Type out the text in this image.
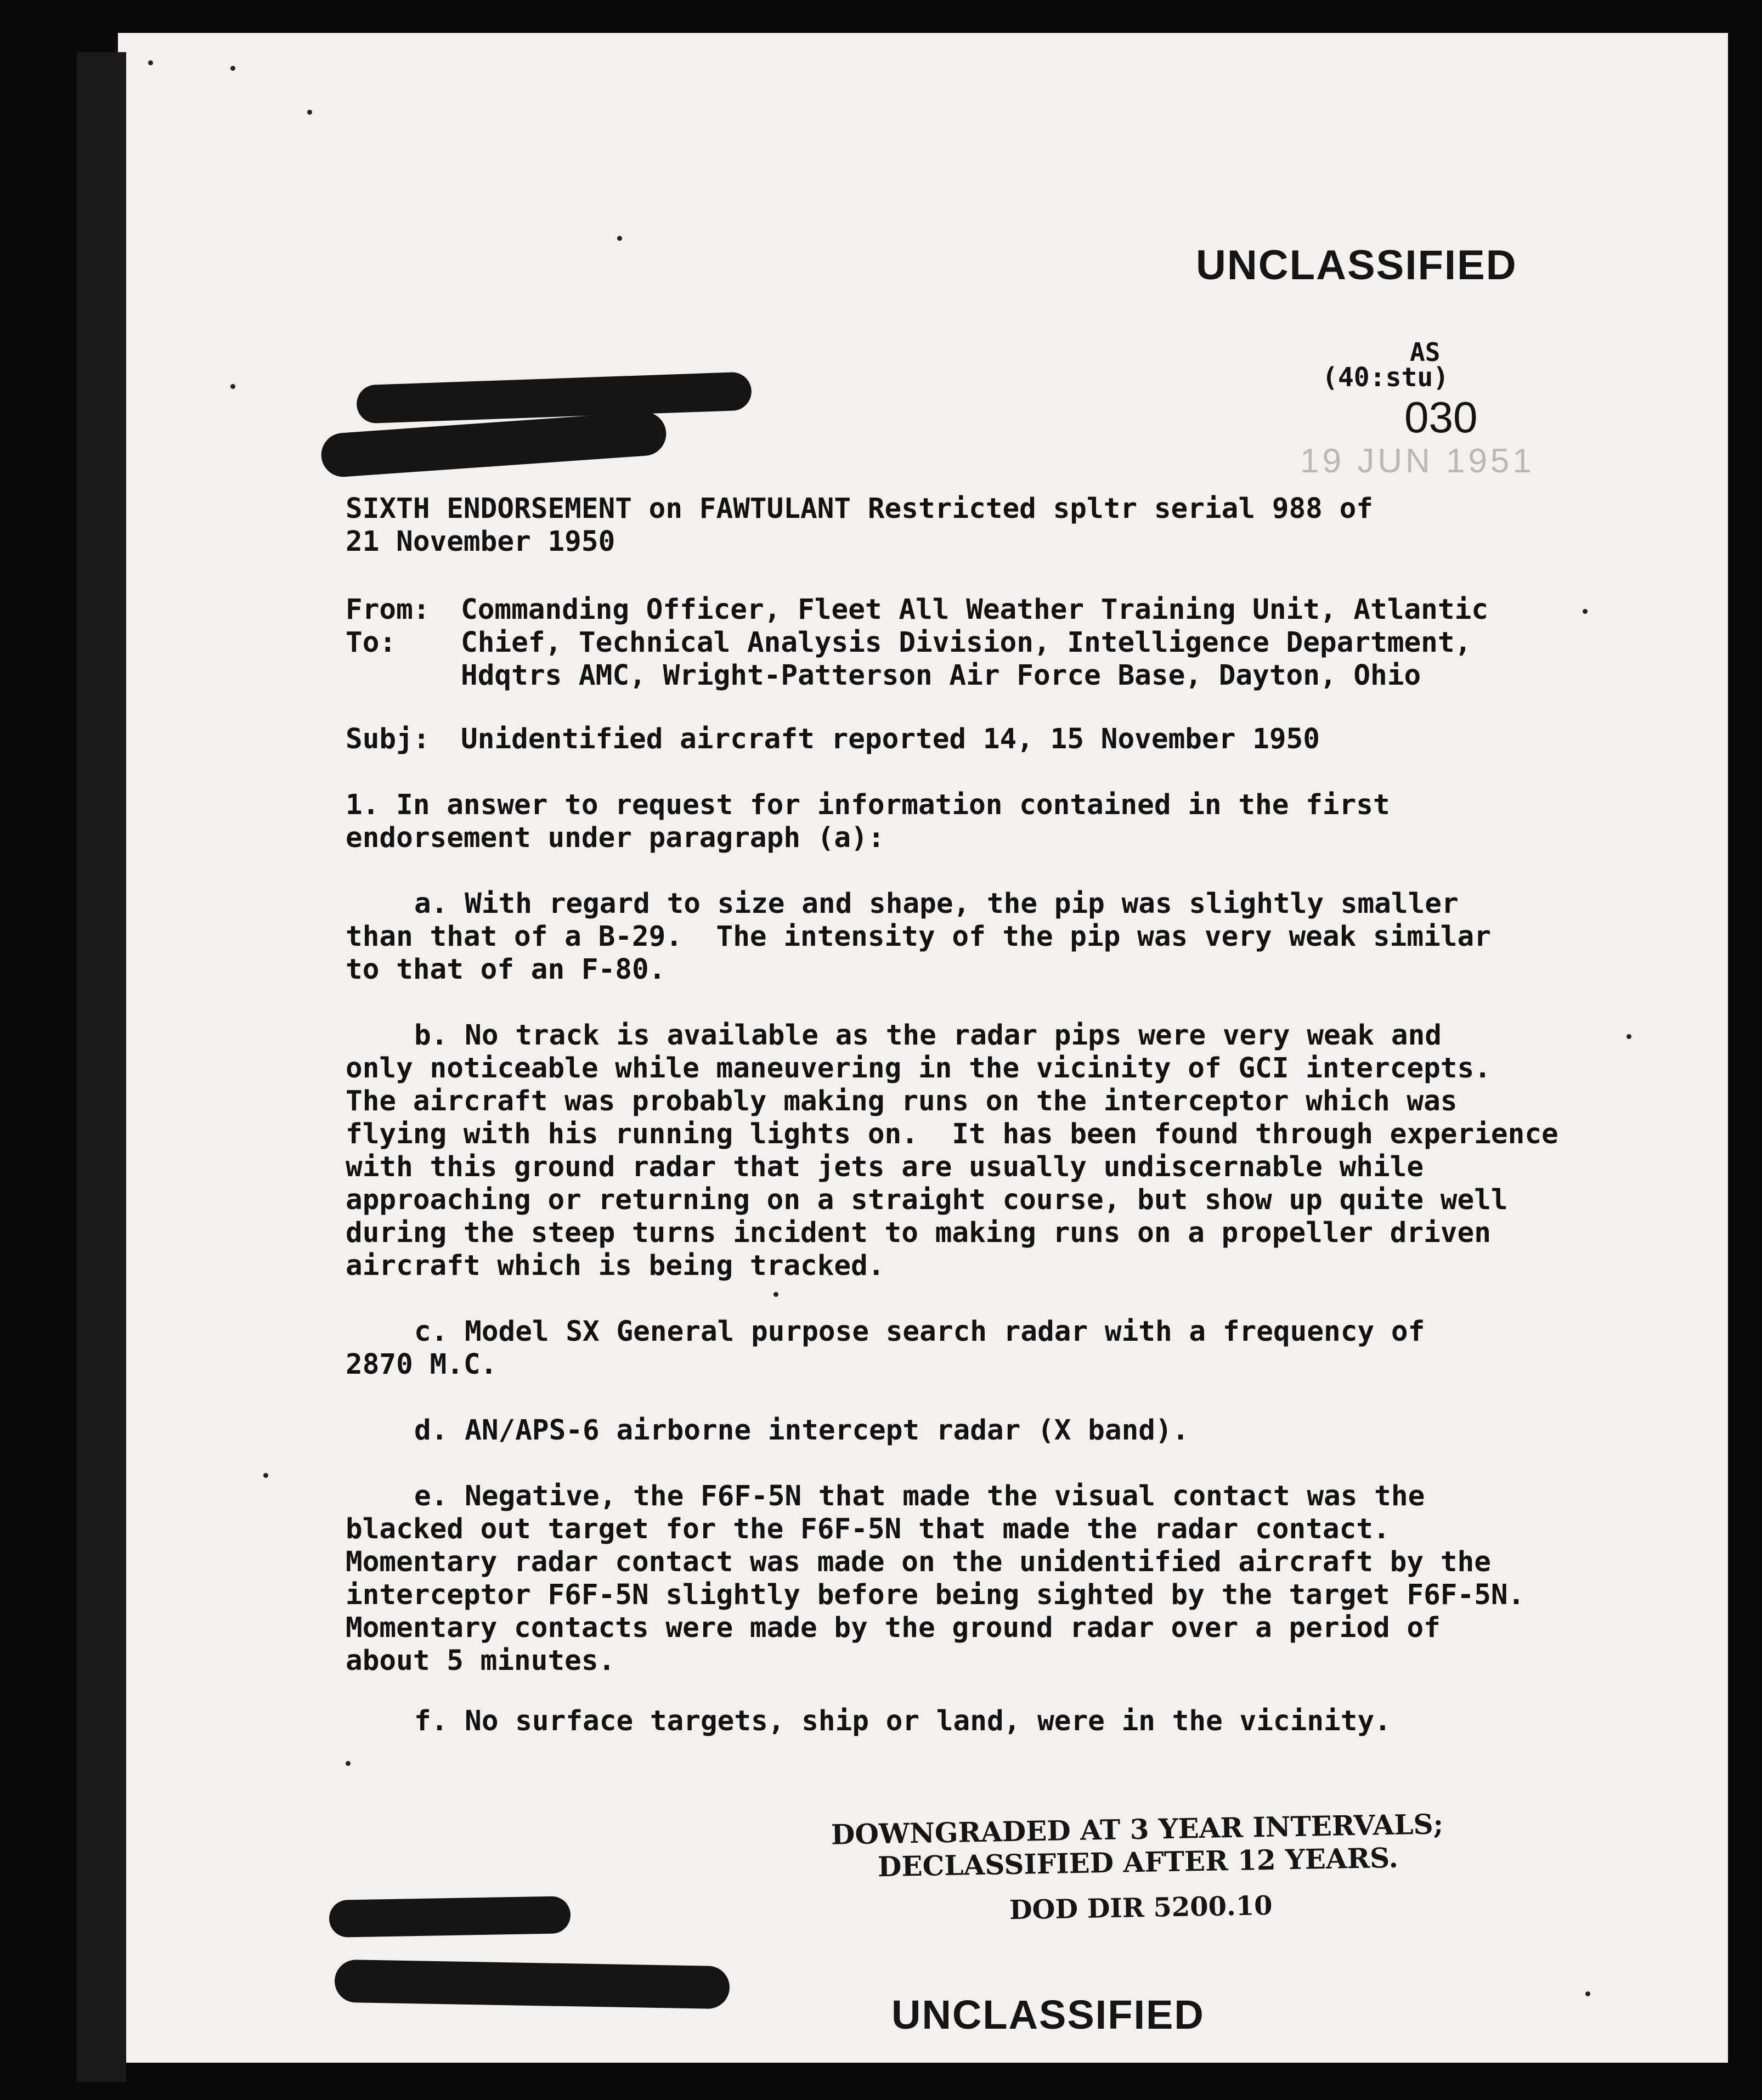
UNCLASSIFIED
AS
(40:stu)
030
19 JUN 1951
SIXTH ENDORSEMENT on FAWTULANT Restricted spltr serial 988 of
21 November 1950
From: Commanding Officer, Fleet All Weather Training Unit, Atlantic
To: Chief, Technical Analysis Division, Intelligence Department,
Hdqtrs AMC, Wright-Patterson Air Force Base, Dayton, Ohio
Subj: Unidentified aircraft reported 14, 15 November 1950
1. In answer to request for information contained in the first
endorsement under paragraph (a):
a. With regard to size and shape, the pip was slightly smaller
than that of a B-29.  The intensity of the pip was very weak similar
to that of an F-80.
b. No track is available as the radar pips were very weak and
only noticeable while maneuvering in the vicinity of GCI intercepts.
The aircraft was probably making runs on the interceptor which was
flying with his running lights on.  It has been found through experience
with this ground radar that jets are usually undiscernable while
approaching or returning on a straight course, but show up quite well
during the steep turns incident to making runs on a propeller driven
aircraft which is being tracked.
c. Model SX General purpose search radar with a frequency of
2870 M.C.
d. AN/APS-6 airborne intercept radar (X band).
e. Negative, the F6F-5N that made the visual contact was the
blacked out target for the F6F-5N that made the radar contact.
Momentary radar contact was made on the unidentified aircraft by the
interceptor F6F-5N slightly before being sighted by the target F6F-5N.
Momentary contacts were made by the ground radar over a period of
about 5 minutes.
f. No surface targets, ship or land, were in the vicinity.
DOWNGRADED AT 3 YEAR INTERVALS;
DECLASSIFIED AFTER 12 YEARS.
DOD DIR 5200.10
UNCLASSIFIED
